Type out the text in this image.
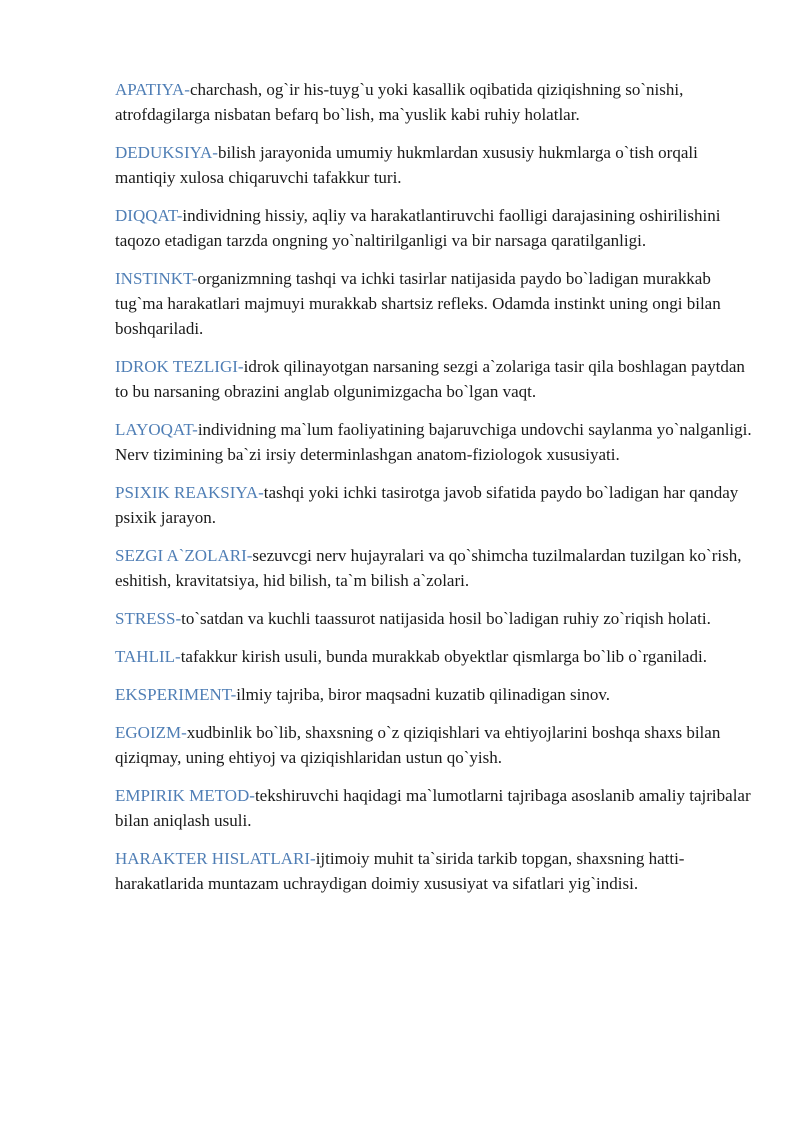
APATIYA-charchash, og`ir his-tuyg`u yoki kasallik oqibatida qiziqishning so`nishi, atrofdagilarga nisbatan befarq bo`lish, ma`yuslik kabi ruhiy holatlar.

DEDUKSIYA-bilish jarayonida umumiy hukmlardan xususiy hukmlarga o`tish orqali mantiqiy xulosa chiqaruvchi tafakkur turi.

DIQQAT-individning hissiy, aqliy va harakatlantiruvchi faolligi darajasining oshirilishini taqozo etadigan tarzda ongning yo`naltirilganligi va bir narsaga qaratilganligi.

INSTINKT-organizmning tashqi va ichki tasirlar natijasida paydo bo`ladigan murakkab tug`ma harakatlari majmuyi murakkab shartsiz refleks. Odamda instinkt uning ongi bilan boshqariladi.

IDROK TEZLIGI-idrok qilinayotgan narsaning sezgi a`zolariga tasir qila boshlagan paytdan to bu narsaning obrazini anglab olgunimizgacha bo`lgan vaqt.

LAYOQAT-individning ma`lum faoliyatining bajaruvchiga undovchi saylanma yo`nalganligi. Nerv tizimining ba`zi irsiy determinlashgan anatom-fiziologok xususiyati.

PSIXIK REAKSIYA-tashqi yoki ichki tasirotga javob sifatida paydo bo`ladigan har qanday psixik jarayon.

SEZGI A`ZOLARI-sezuvcgi nerv hujayralari va qo`shimcha tuzilmalardan tuzilgan ko`rish, eshitish, kravitatsiya, hid bilish, ta`m bilish a`zolari.

STRESS-to`satdan va kuchli taassurot natijasida hosil bo`ladigan ruhiy zo`riqish holati.

TAHLIL-tafakkur kirish usuli, bunda murakkab obyektlar qismlarga bo`lib o`rganiladi.

EKSPERIMENT-ilmiy tajriba, biror maqsadni kuzatib qilinadigan sinov.

EGOIZM-xudbinlik bo`lib, shaxsning o`z qiziqishlari va ehtiyojlarini boshqa shaxs bilan qiziqmay, uning ehtiyoj va qiziqishlaridan ustun qo`yish.

EMPIRIK METOD-tekshiruvchi haqidagi ma`lumotlarni tajribaga asoslanib amaliy tajribalar bilan aniqlash usuli.

HARAKTER HISLATLARI-ijtimoiy muhit ta`sirida tarkib topgan, shaxsning hatti-harakatlarida muntazam uchraydigan doimiy xususiyat va sifatlari yig`indisi.
